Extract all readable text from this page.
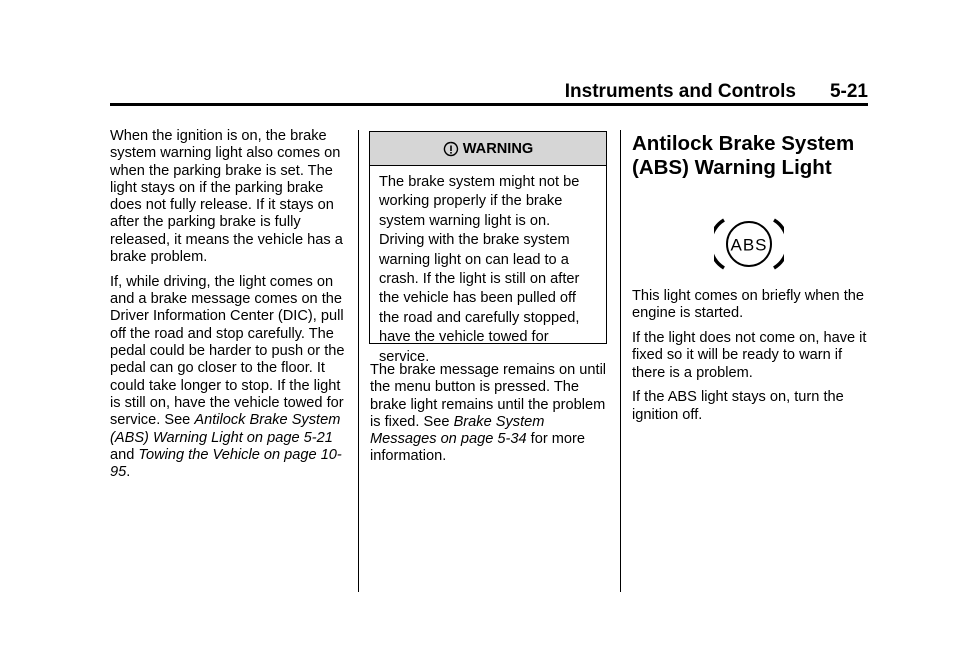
Instruments and Controls 5-21

When the ignition is on, the brake system warning light also comes on when the parking brake is set. The light stays on if the parking brake does not fully release. If it stays on after the parking brake is fully released, it means the vehicle has a brake problem.

If, while driving, the light comes on and a brake message comes on the Driver Information Center (DIC), pull off the road and stop carefully. The pedal could be harder to push or the pedal can go closer to the floor. It could take longer to stop. If the light is still on, have the vehicle towed for service. See Antilock Brake System (ABS) Warning Light on page 5-21 and Towing the Vehicle on page 10-95.

WARNING
The brake system might not be working properly if the brake system warning light is on. Driving with the brake system warning light on can lead to a crash. If the light is still on after the vehicle has been pulled off the road and carefully stopped, have the vehicle towed for service.

The brake message remains on until the menu button is pressed. The brake light remains until the problem is fixed. See Brake System Messages on page 5-34 for more information.

Antilock Brake System (ABS) Warning Light
ABS

This light comes on briefly when the engine is started.

If the light does not come on, have it fixed so it will be ready to warn if there is a problem.

If the ABS light stays on, turn the ignition off.
